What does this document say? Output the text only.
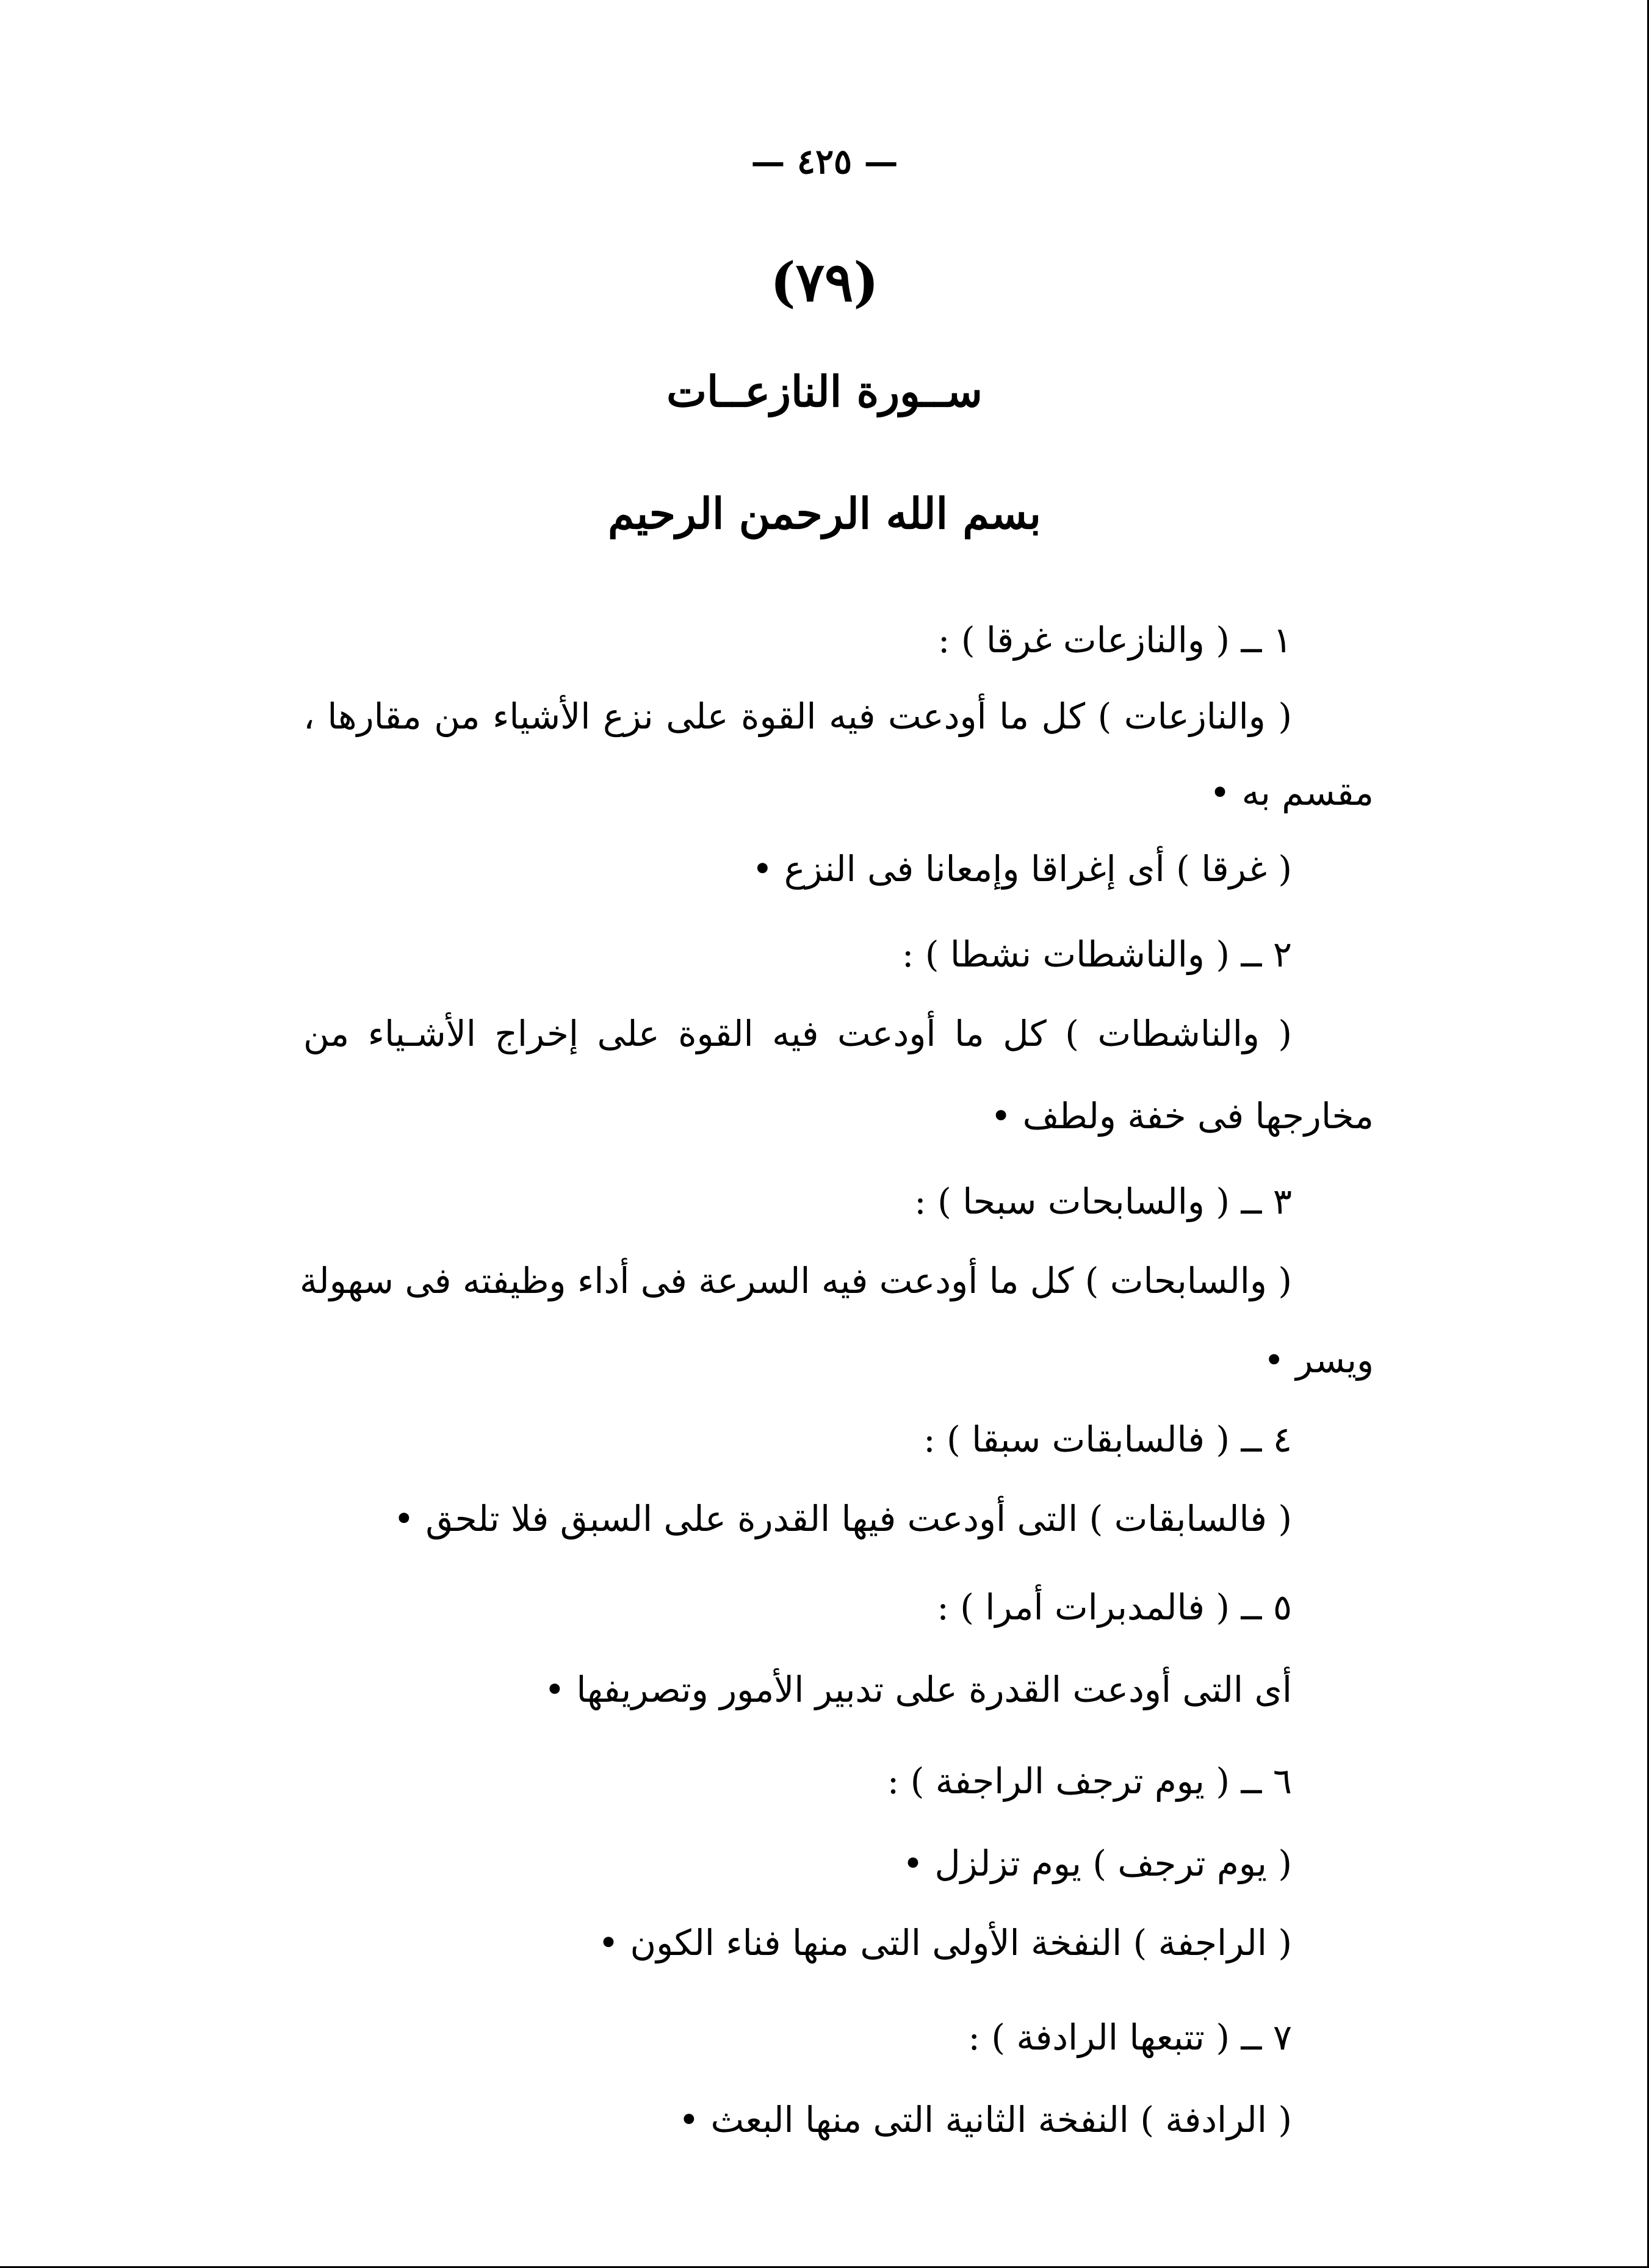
— ٤٢٥ —
(٧٩)
ســورة النازعــات
بسم الله الرحمن الرحيم
١ ــ ( والنازعات غرقا ) :
( والنازعات ) كل ما أودعت فيه القوة على نزع الأشياء من مقارها ،
مقسم به •
( غرقا ) أى إغراقا وإمعانا فى النزع •
٢ ــ ( والناشطات نشطا ) :
( والناشطات ) كل ما أودعت فيه القوة على إخراج الأشـياء من
مخارجها فى خفة ولطف •
٣ ــ ( والسابحات سبحا ) :
( والسابحات ) كل ما أودعت فيه السرعة فى أداء وظيفته فى سهولة
ويسر •
٤ ــ ( فالسابقات سبقا ) :
( فالسابقات ) التى أودعت فيها القدرة على السبق فلا تلحق •
٥ ــ ( فالمدبرات أمرا ) :
أى التى أودعت القدرة على تدبير الأمور وتصريفها •
٦ ــ ( يوم ترجف الراجفة ) :
( يوم ترجف ) يوم تزلزل •
( الراجفة ) النفخة الأولى التى منها فناء الكون •
٧ ــ ( تتبعها الرادفة ) :
( الرادفة ) النفخة الثانية التى منها البعث •
